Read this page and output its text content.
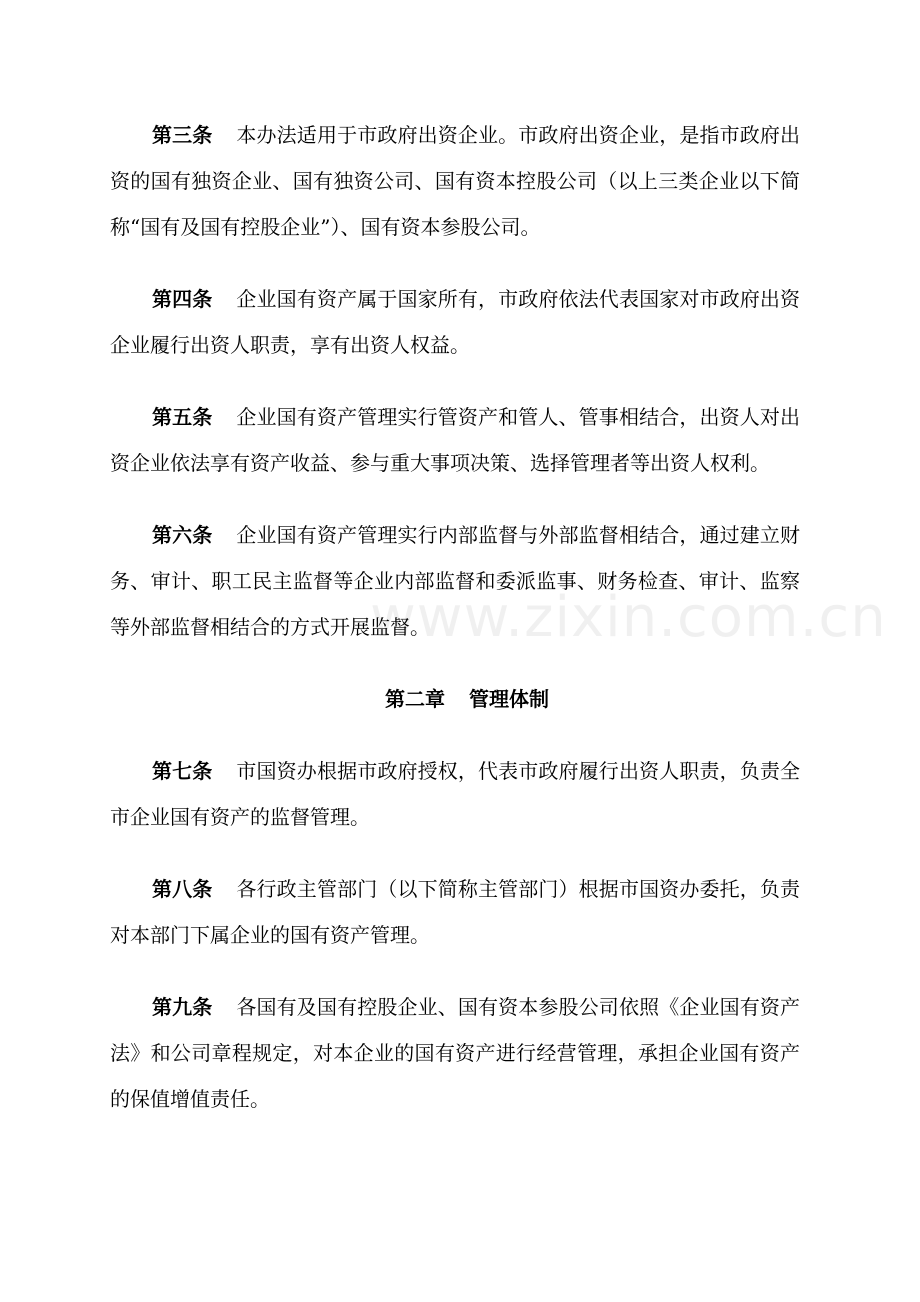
第三条 本办法适用于市政府出资企业。市政府出资企业，是指市政府出资的国有独资企业、国有独资公司、国有资本控股公司（以上三类企业以下简称“国有及国有控股企业”）、国有资本参股公司。

第四条 企业国有资产属于国家所有，市政府依法代表国家对市政府出资企业履行出资人职责，享有出资人权益。

第五条 企业国有资产管理实行管资产和管人、管事相结合，出资人对出资企业依法享有资产收益、参与重大事项决策、选择管理者等出资人权利。

第六条 企业国有资产管理实行内部监督与外部监督相结合，通过建立财务、审计、职工民主监督等企业内部监督和委派监事、财务检查、审计、监察等外部监督相结合的方式开展监督。

第二章 管理体制

第七条 市国资办根据市政府授权，代表市政府履行出资人职责，负责全市企业国有资产的监督管理。

第八条 各行政主管部门（以下简称主管部门）根据市国资办委托，负责对本部门下属企业的国有资产管理。

第九条 各国有及国有控股企业、国有资本参股公司依照《企业国有资产法》和公司章程规定，对本企业的国有资产进行经营管理，承担企业国有资产的保值增值责任。

www.zixin.com.cn
